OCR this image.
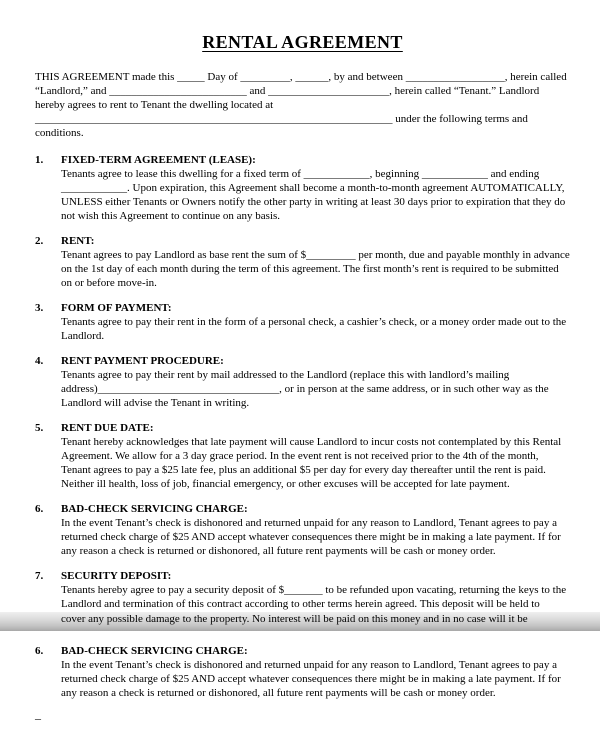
RENTAL AGREEMENT

THIS AGREEMENT made this _____ Day of _________, ______, by and between __________________, herein called “Landlord,” and _________________________ and ______________________, herein called “Tenant.” Landlord hereby agrees to rent to Tenant the dwelling located at _________________________________________________________________ under the following terms and conditions.

1.	FIXED-TERM AGREEMENT (LEASE):
Tenants agree to lease this dwelling for a fixed term of ____________, beginning ____________ and ending ____________. Upon expiration, this Agreement shall become a month-to-month agreement AUTOMATICALLY, UNLESS either Tenants or Owners notify the other party in writing at least 30 days prior to expiration that they do not wish this Agreement to continue on any basis.
2.	RENT:
Tenant agrees to pay Landlord as base rent the sum of $_________ per month, due and payable monthly in advance on the 1st day of each month during the term of this agreement. The first month’s rent is required to be submitted on or before move-in.
3.	FORM OF PAYMENT:
Tenants agree to pay their rent in the form of a personal check, a cashier’s check, or a money order made out to the Landlord.
4.	RENT PAYMENT PROCEDURE:
Tenants agree to pay their rent by mail addressed to the Landlord (replace this with landlord’s mailing address)_________________________________, or in person at the same address, or in such other way as the Landlord will advise the Tenant in writing.
5.	RENT DUE DATE:
Tenant hereby acknowledges that late payment will cause Landlord to incur costs not contemplated by this Rental Agreement. We allow for a 3 day grace period. In the event rent is not received prior to the 4th of the month, Tenant agrees to pay a $25 late fee, plus an additional $5 per day for every day thereafter until the rent is paid. Neither ill health, loss of job, financial emergency, or other excuses will be accepted for late payment.
6.	BAD-CHECK SERVICING CHARGE:
In the event Tenant’s check is dishonored and returned unpaid for any reason to Landlord, Tenant agrees to pay a returned check charge of $25 AND accept whatever consequences there might be in making a late payment. If for any reason a check is returned or dishonored, all future rent payments will be cash or money order.
7.	SECURITY DEPOSIT:
Tenants hereby agree to pay a security deposit of $_______ to be refunded upon vacating, returning the keys to the Landlord and termination of this contract according to other terms herein agreed. This deposit will be held to
cover any possible damage to the property. No interest will be paid on this money and in no case will it be
6.	BAD-CHECK SERVICING CHARGE:
In the event Tenant’s check is dishonored and returned unpaid for any reason to Landlord, Tenant agrees to pay a returned check charge of $25 AND accept whatever consequences there might be in making a late payment. If for any reason a check is returned or dishonored, all future rent payments will be cash or money order.
–
